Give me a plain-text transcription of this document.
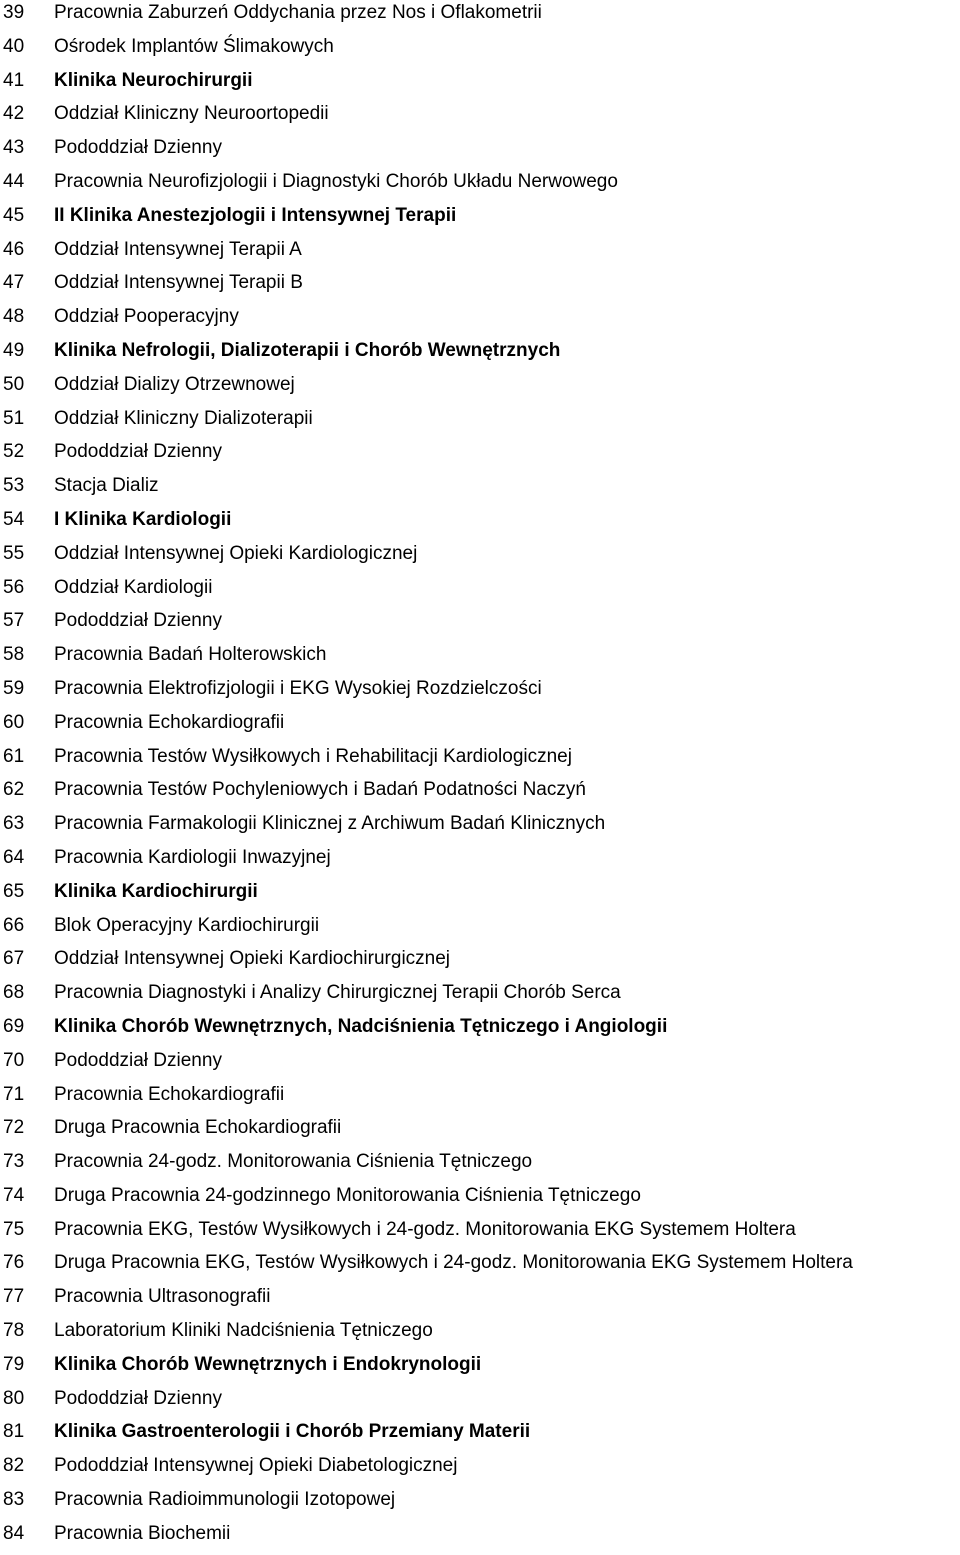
39	Pracownia Zaburzeń Oddychania przez Nos i Oflakometrii
40	Ośrodek Implantów Ślimakowych
41	Klinika Neurochirurgii
42	Oddział Kliniczny Neuroortopedii
43	Pododdział Dzienny
44	Pracownia Neurofizjologii i Diagnostyki Chorób Układu Nerwowego
45	II Klinika Anestezjologii i Intensywnej Terapii
46	Oddział Intensywnej Terapii A
47	Oddział Intensywnej Terapii B
48	Oddział Pooperacyjny
49	Klinika Nefrologii, Dializoterapii i Chorób Wewnętrznych
50	Oddział Dializy Otrzewnowej
51	Oddział Kliniczny Dializoterapii
52	Pododdział Dzienny
53	Stacja Dializ
54	I Klinika Kardiologii
55	Oddział Intensywnej Opieki Kardiologicznej
56	Oddział Kardiologii
57	Pododdział Dzienny
58	Pracownia Badań Holterowskich
59	Pracownia Elektrofizjologii i EKG Wysokiej Rozdzielczości
60	Pracownia Echokardiografii
61	Pracownia Testów Wysiłkowych i Rehabilitacji Kardiologicznej
62	Pracownia Testów Pochyleniowych i Badań Podatności Naczyń
63	Pracownia Farmakologii Klinicznej z Archiwum Badań Klinicznych
64	Pracownia Kardiologii Inwazyjnej
65	Klinika Kardiochirurgii
66	Blok Operacyjny Kardiochirurgii
67	Oddział Intensywnej Opieki Kardiochirurgicznej
68	Pracownia Diagnostyki i Analizy Chirurgicznej Terapii Chorób Serca
69	Klinika Chorób Wewnętrznych, Nadciśnienia Tętniczego i Angiologii
70	Pododdział Dzienny
71	Pracownia Echokardiografii
72	Druga Pracownia Echokardiografii
73	Pracownia 24-godz. Monitorowania Ciśnienia Tętniczego
74	Druga Pracownia 24-godzinnego Monitorowania Ciśnienia Tętniczego
75	Pracownia EKG, Testów Wysiłkowych i 24-godz. Monitorowania EKG Systemem Holtera
76	Druga Pracownia EKG, Testów Wysiłkowych i 24-godz. Monitorowania EKG Systemem Holtera
77	Pracownia Ultrasonografii
78	Laboratorium Kliniki Nadciśnienia Tętniczego
79	Klinika Chorób Wewnętrznych i Endokrynologii
80	Pododdział Dzienny
81	Klinika Gastroenterologii i Chorób Przemiany Materii
82	Pododdział Intensywnej Opieki Diabetologicznej
83	Pracownia Radioimmunologii Izotopowej
84	Pracownia Biochemii
